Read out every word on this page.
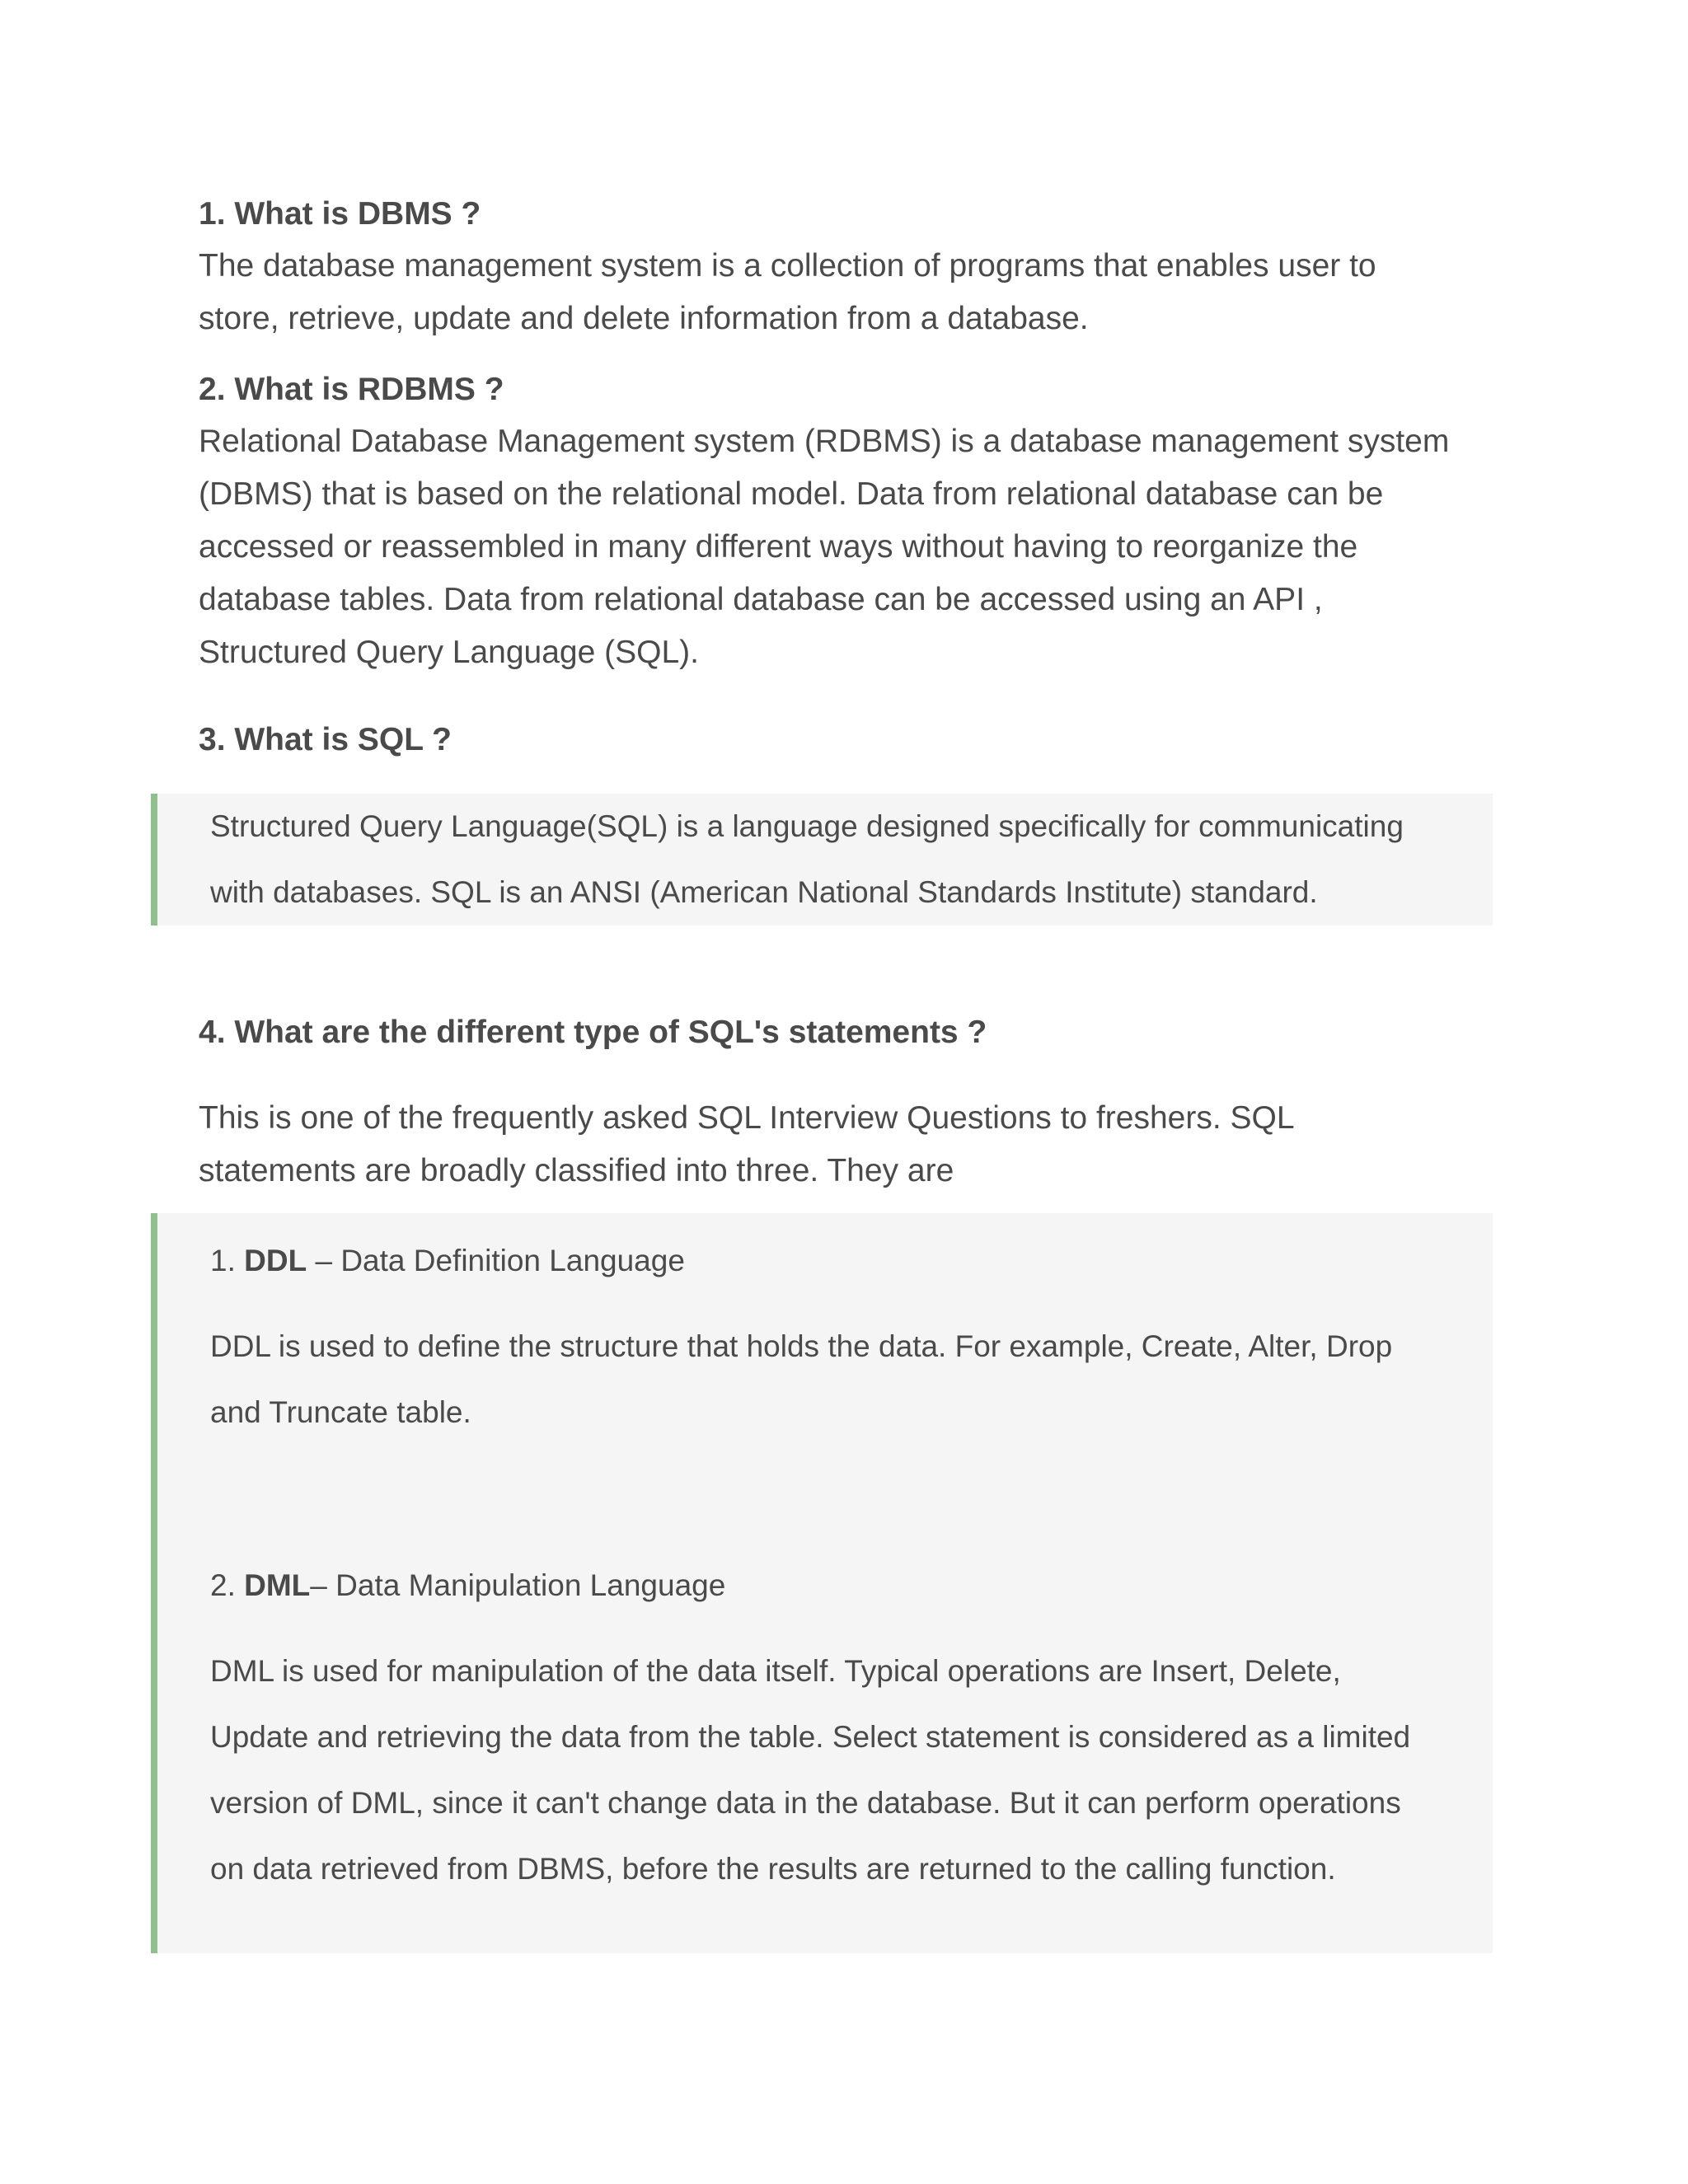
1. What is DBMS ?

The database management system is a collection of programs that enables user to

store, retrieve, update and delete information from a database.

2. What is RDBMS ?

Relational Database Management system (RDBMS) is a database management system

(DBMS) that is based on the relational model. Data from relational database can be

accessed or reassembled in many different ways without having to reorganize the

database tables. Data from relational database can be accessed using an API ,

Structured Query Language (SQL).

3. What is SQL ?

Structured Query Language(SQL) is a language designed specifically for communicating

with databases. SQL is an ANSI (American National Standards Institute) standard.

4. What are the different type of SQL's statements ?

This is one of the frequently asked SQL Interview Questions to freshers. SQL

statements are broadly classified into three. They are

1. DDL – Data Definition Language

DDL is used to define the structure that holds the data. For example, Create, Alter, Drop

and Truncate table.

2. DML– Data Manipulation Language

DML is used for manipulation of the data itself. Typical operations are Insert, Delete,

Update and retrieving the data from the table. Select statement is considered as a limited

version of DML, since it can't change data in the database. But it can perform operations

on data retrieved from DBMS, before the results are returned to the calling function.
